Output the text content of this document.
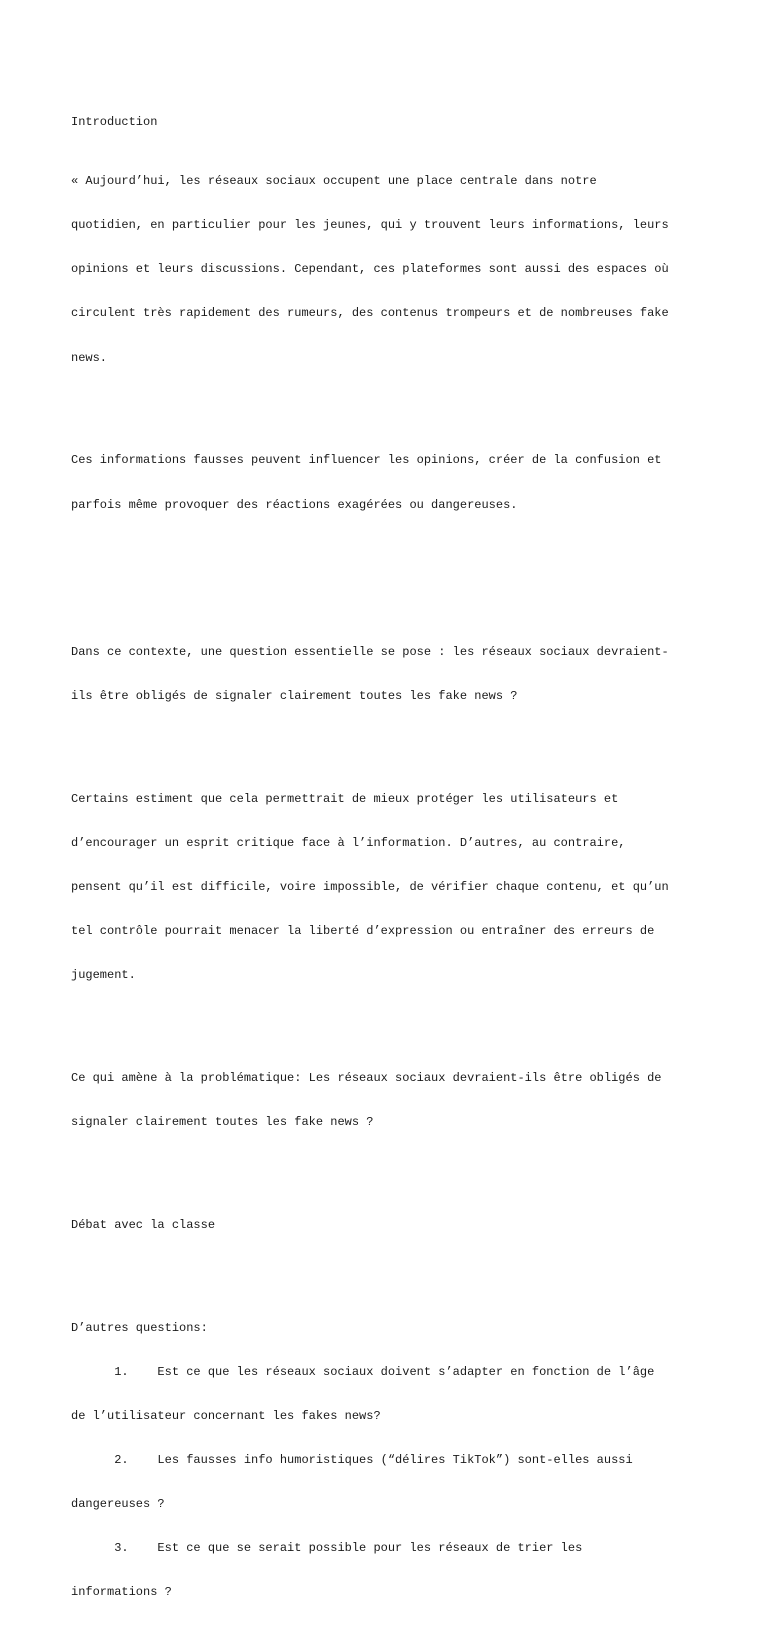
Introduction

« Aujourd’hui, les réseaux sociaux occupent une place centrale dans notre

quotidien, en particulier pour les jeunes, qui y trouvent leurs informations, leurs

opinions et leurs discussions. Cependant, ces plateformes sont aussi des espaces où

circulent très rapidement des rumeurs, des contenus trompeurs et de nombreuses fake

news.

Ces informations fausses peuvent influencer les opinions, créer de la confusion et

parfois même provoquer des réactions exagérées ou dangereuses.

Dans ce contexte, une question essentielle se pose : les réseaux sociaux devraient-

ils être obligés de signaler clairement toutes les fake news ?

Certains estiment que cela permettrait de mieux protéger les utilisateurs et

d’encourager un esprit critique face à l’information. D’autres, au contraire,

pensent qu’il est difficile, voire impossible, de vérifier chaque contenu, et qu’un

tel contrôle pourrait menacer la liberté d’expression ou entraîner des erreurs de

jugement.

Ce qui amène à la problématique: Les réseaux sociaux devraient-ils être obligés de

signaler clairement toutes les fake news ?

Débat avec la classe

D’autres questions:

1.    Est ce que les réseaux sociaux doivent s’adapter en fonction de l’âge

de l’utilisateur concernant les fakes news?

2.    Les fausses info humoristiques (“délires TikTok”) sont-elles aussi

dangereuses ?

3.    Est ce que se serait possible pour les réseaux de trier les

informations ?
